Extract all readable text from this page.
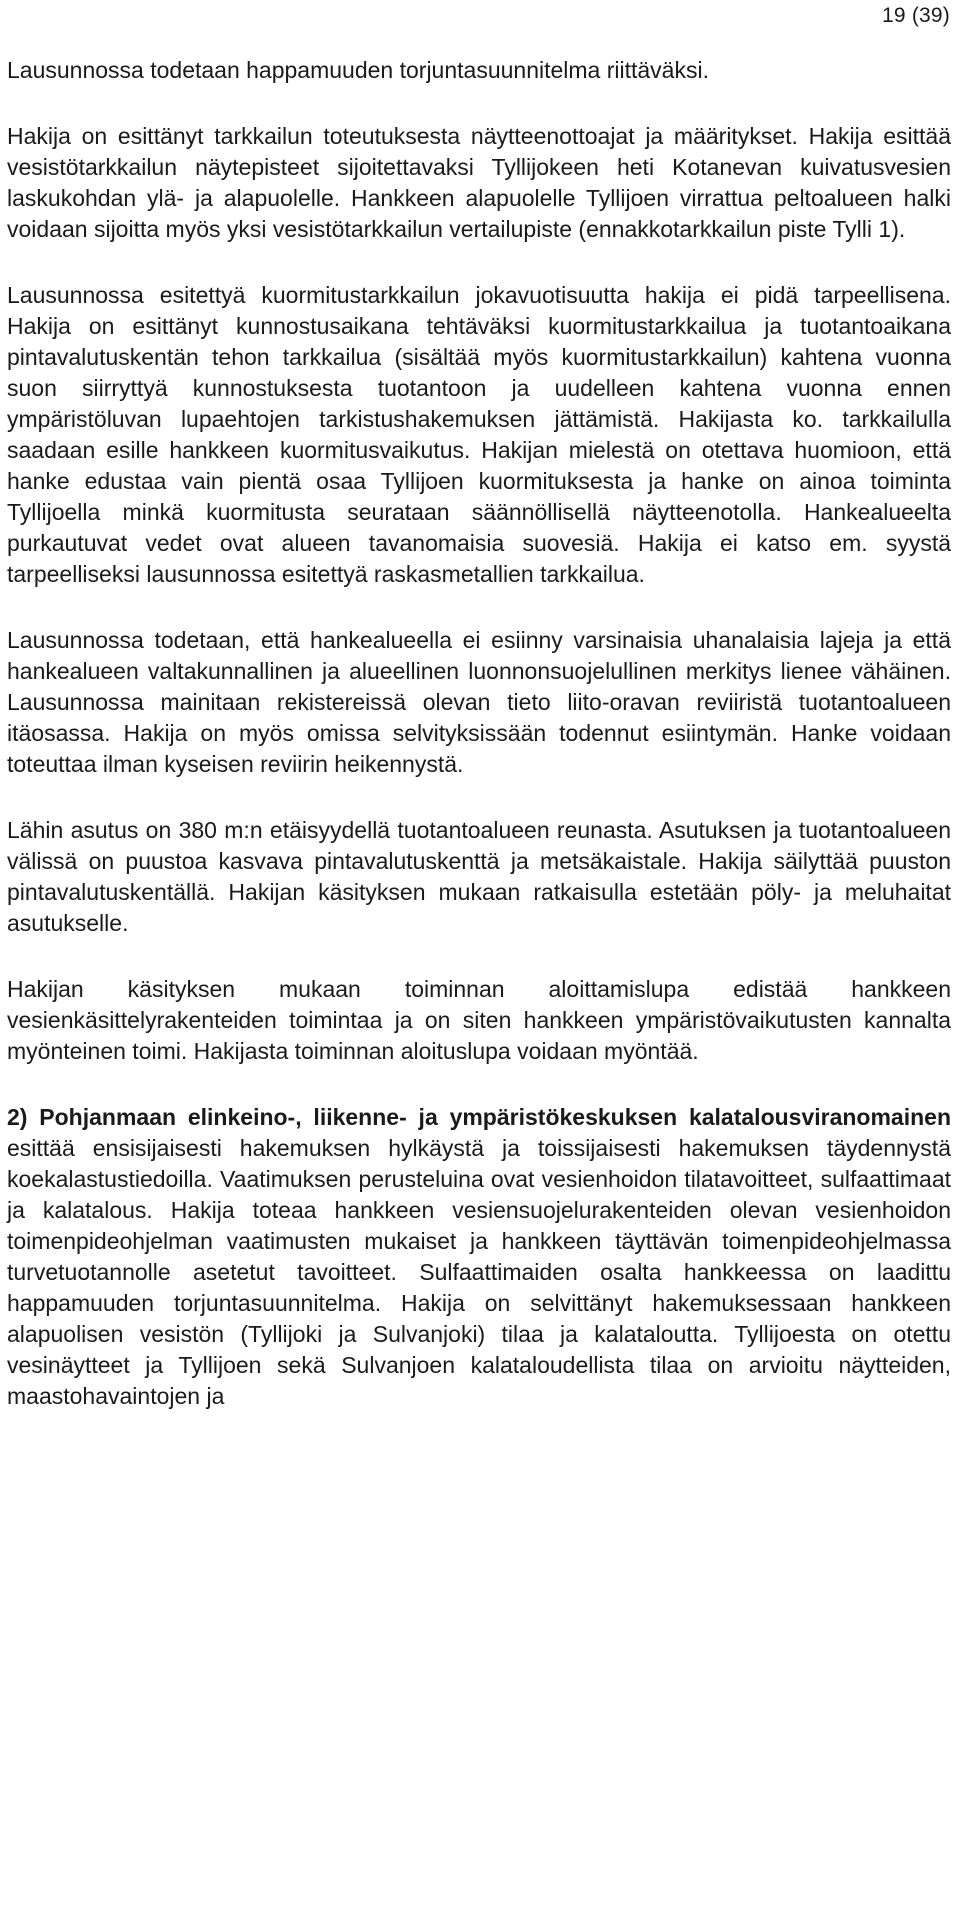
19 (39)

Lausunnossa todetaan happamuuden torjuntasuunnitelma riittäväksi.

Hakija on esittänyt tarkkailun toteutuksesta näytteenottoajat ja määritykset. Hakija esittää vesistötarkkailun näytepisteet sijoitettavaksi Tyllijokeen heti Kotanevan kuivatusvesien laskukohdan ylä- ja alapuolelle. Hankkeen alapuolelle Tyllijoen virrattua peltoalueen halki voidaan sijoitta myös yksi vesistötarkkailun vertailupiste (ennakkotarkkailun piste Tylli 1).

Lausunnossa esitettyä kuormitustarkkailun jokavuotisuutta hakija ei pidä tarpeellisena. Hakija on esittänyt kunnostusaikana tehtäväksi kuormitustarkkailua ja tuotantoaikana pintavalutuskentän tehon tarkkailua (sisältää myös kuormitustarkkailun) kahtena vuonna suon siirryttyä kunnostuksesta tuotantoon ja uudelleen kahtena vuonna ennen ympäristöluvan lupaehtojen tarkistushakemuksen jättämistä. Hakijasta ko. tarkkailulla saadaan esille hankkeen kuormitusvaikutus. Hakijan mielestä on otettava huomioon, että hanke edustaa vain pientä osaa Tyllijoen kuormituksesta ja hanke on ainoa toiminta Tyllijoella minkä kuormitusta seurataan säännöllisellä näytteenotolla. Hankealueelta purkautuvat vedet ovat alueen tavanomaisia suovesiä. Hakija ei katso em. syystä tarpeelliseksi lausunnossa esitettyä raskasmetallien tarkkailua.

Lausunnossa todetaan, että hankealueella ei esiinny varsinaisia uhanalaisia lajeja ja että hankealueen valtakunnallinen ja alueellinen luonnonsuojelullinen merkitys lienee vähäinen. Lausunnossa mainitaan rekistereissä olevan tieto liito-oravan reviiristä tuotantoalueen itäosassa. Hakija on myös omissa selvityksissään todennut esiintymän. Hanke voidaan toteuttaa ilman kyseisen reviirin heikennystä.

Lähin asutus on 380 m:n etäisyydellä tuotantoalueen reunasta. Asutuksen ja tuotantoalueen välissä on puustoa kasvava pintavalutuskenttä ja metsäkaistale. Hakija säilyttää puuston pintavalutuskentällä. Hakijan käsityksen mukaan ratkaisulla estetään pöly- ja meluhaitat asutukselle.

Hakijan käsityksen mukaan toiminnan aloittamislupa edistää hankkeen vesienkäsittelyrakenteiden toimintaa ja on siten hankkeen ympäristövaikutusten kannalta myönteinen toimi. Hakijasta toiminnan aloituslupa voidaan myöntää.

2) Pohjanmaan elinkeino-, liikenne- ja ympäristökeskuksen kalatalousviranomainen esittää ensisijaisesti hakemuksen hylkäystä ja toissijaisesti hakemuksen täydennystä koekalastustiedoilla. Vaatimuksen perusteluina ovat vesienhoidon tilatavoitteet, sulfaattimaat ja kalatalous. Hakija toteaa hankkeen vesiensuojelurakenteiden olevan vesienhoidon toimenpideohjelman vaatimusten mukaiset ja hankkeen täyttävän toimenpideohjelmassa turvetuotannolle asetetut tavoitteet. Sulfaattimaiden osalta hankkeessa on laadittu happamuuden torjuntasuunnitelma. Hakija on selvittänyt hakemuksessaan hankkeen alapuolisen vesistön (Tyllijoki ja Sulvanjoki) tilaa ja kalataloutta. Tyllijoesta on otettu vesinäytteet ja Tyllijoen sekä Sulvanjoen kalataloudellista tilaa on arvioitu näytteiden, maastohavaintojen ja
